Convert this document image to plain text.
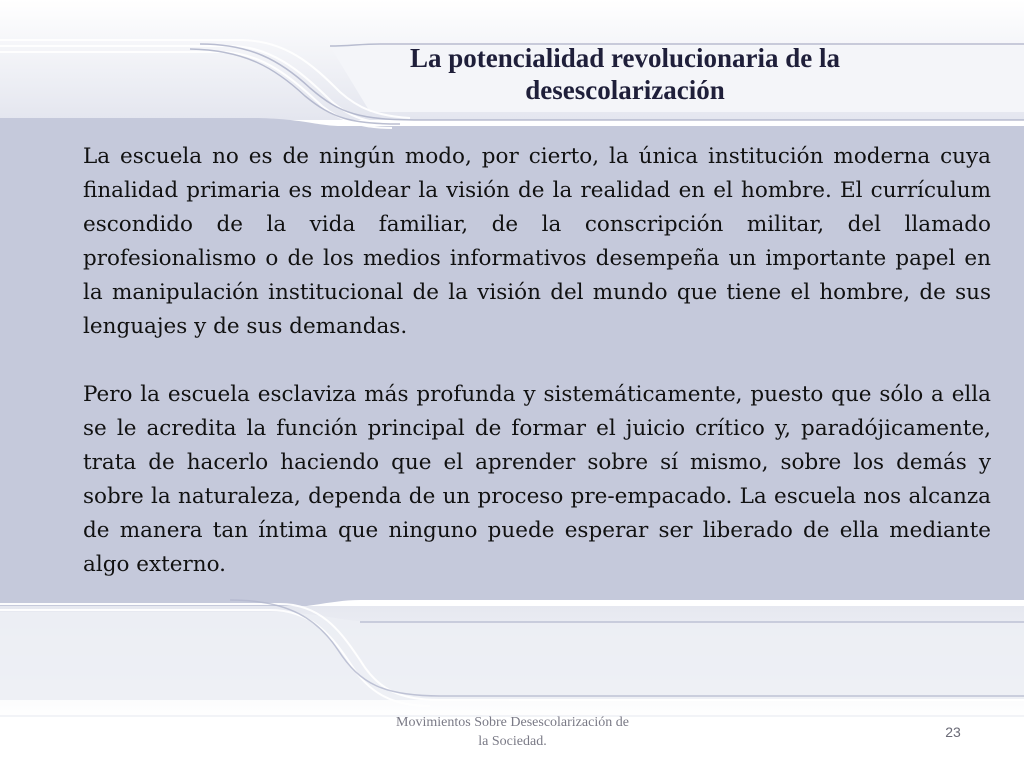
La potencialidad revolucionaria de la
desescolarización

La escuela no es de ningún modo, por cierto, la única institución moderna cuya finalidad primaria es moldear la visión de la realidad en el hombre. El currículum escondido de la vida familiar, de la conscripción militar, del llamado profesionalismo o de los medios informativos desempeña un importante papel en la manipulación institucional de la visión del mundo que tiene el hombre, de sus lenguajes y de sus demandas.

Pero la escuela esclaviza más profunda y sistemáticamente, puesto que sólo a ella se le acredita la función principal de formar el juicio crítico y, paradójicamente, trata de hacerlo haciendo que el aprender sobre sí mismo, sobre los demás y sobre la naturaleza, dependa de un proceso pre-empacado. La escuela nos alcanza de manera tan íntima que ninguno puede esperar ser liberado de ella mediante algo externo.

Movimientos Sobre Desescolarización de
la Sociedad.
23
